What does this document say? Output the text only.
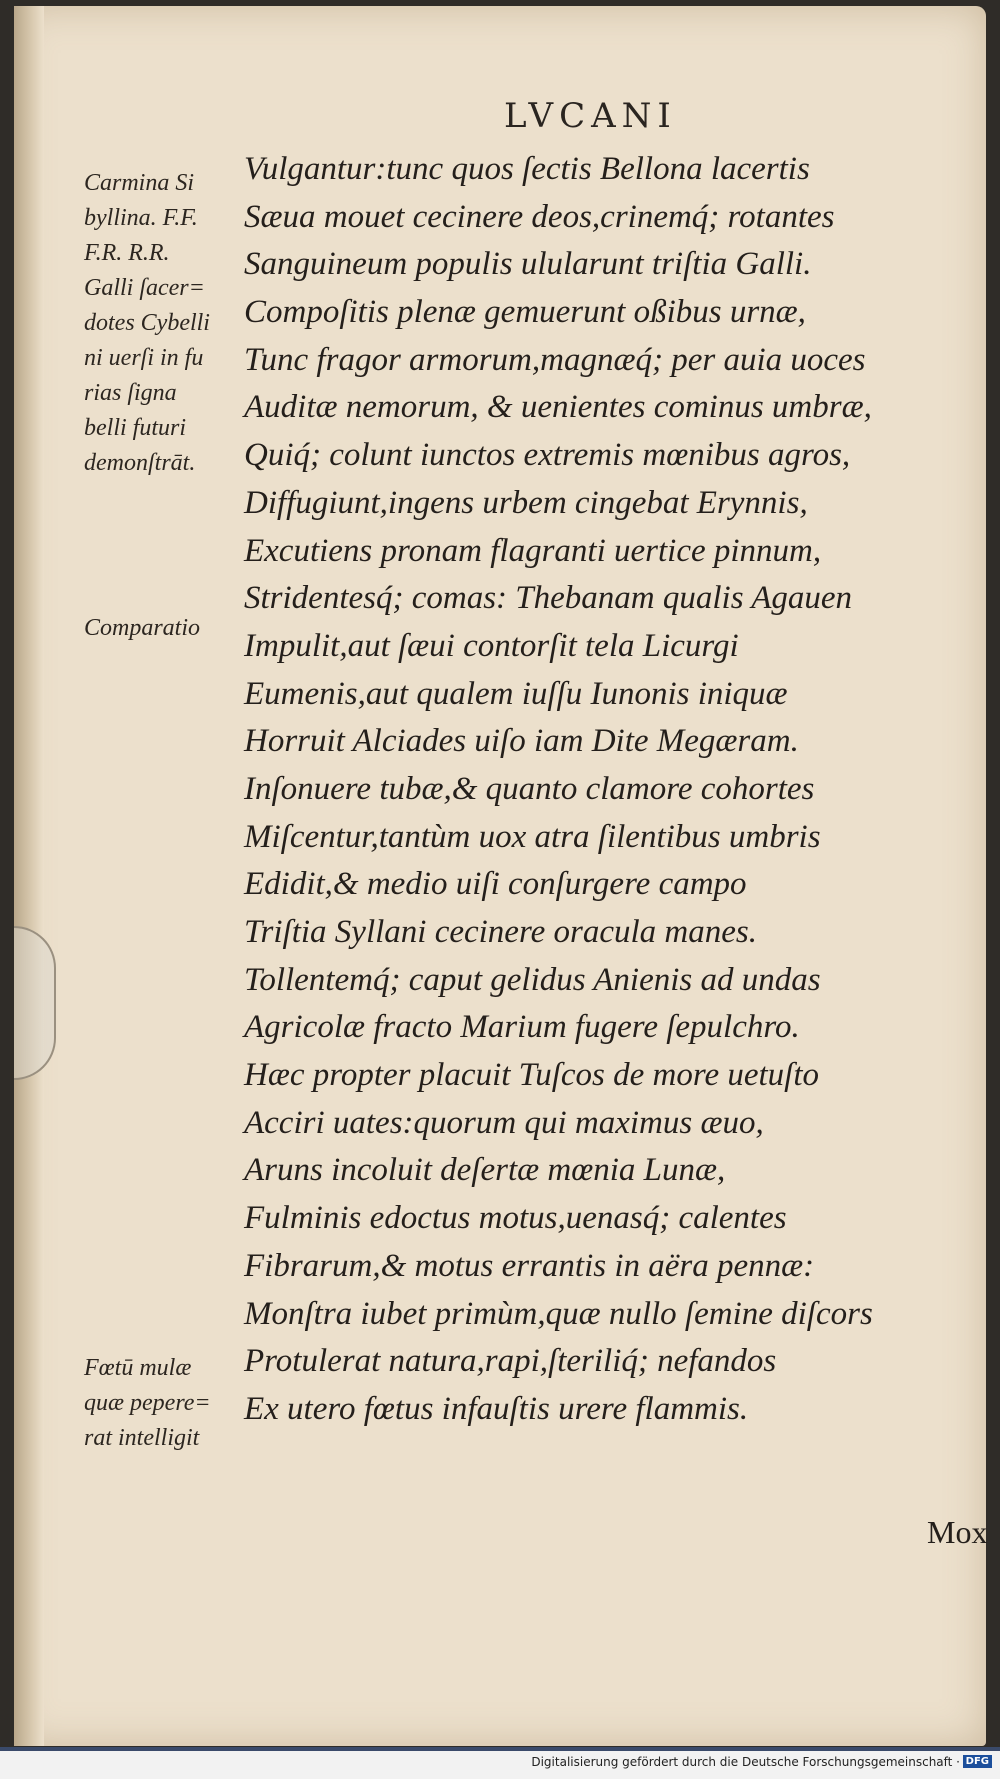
LVCANI
Carmina Si
byllina. F.F.
F.R. R.R.
Galli ſacer=
dotes Cybelli
ni uerſi in fu
rias ſigna
belli futuri
demonſtrāt.
Comparatio
Fœtū mulæ
quæ pepere=
rat intelligit
Vulgantur:tunc quos ſectis Bellona lacertis
Sæua mouet cecinere deos,crinemq́; rotantes
Sanguineum populis ulularunt triſtia Galli.
Compoſitis plenæ gemuerunt oßibus urnæ,
Tunc fragor armorum,magnæq́; per auia uoces
Auditæ nemorum, & uenientes cominus umbræ,
Quiq́; colunt iunctos extremis mœnibus agros,
Diffugiunt,ingens urbem cingebat Erynnis,
Excutiens pronam flagranti uertice pinnum,
Stridentesq́; comas: Thebanam qualis Agauen
Impulit,aut ſæui contorſit tela Licurgi
Eumenis,aut qualem iuſſu Iunonis iniquæ
Horruit Alciades uiſo iam Dite Megæram.
Inſonuere tubæ,& quanto clamore cohortes
Miſcentur,tantùm uox atra ſilentibus umbris
Edidit,& medio uiſi conſurgere campo
Triſtia Syllani cecinere oracula manes.
Tollentemq́; caput gelidus Anienis ad undas
Agricolæ fracto Marium fugere ſepulchro.
Hæc propter placuit Tuſcos de more uetuſto
Acciri uates:quorum qui maximus æuo,
Aruns incoluit deſertæ mœnia Lunæ,
Fulminis edoctus motus,uenasq́; calentes
Fibrarum,& motus errantis in aëra pennæ:
Monſtra iubet primùm,quæ nullo ſemine diſcors
Protulerat natura,rapi,ſteriliq́; nefandos
Ex utero fœtus infauſtis urere flammis.
Mox
Digitalisierung gefördert durch die Deutsche Forschungsgemeinschaft · DFG
